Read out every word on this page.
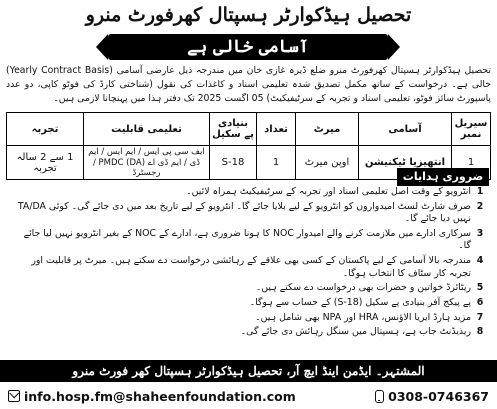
تحصیل ہیڈکوارٹر ہسپتال کھرفورٹ منرو
آسامی خالی ہے
تحصیل ہیڈکوارٹر ہسپتال کھرفورٹ منرو ضلع ڈیرہ غازی خان میں مندرجہ ذیل عارضی آسامی (Yearly Contract Basis) خالی ہے۔ درخواست کے ساتھ مکمل تصدیق شدہ تعلیمی اسناد و کاغذات کی نقول (شناختی کارڈ کی فوٹو کاپی، دو عدد پاسپورٹ سائز فوٹو، تعلیمی اسناد و تجربہ کے سرٹیفیکیٹ) 05 اگست 2025 تک دفتر ہذا میں پہنچانا لازمی ہیں۔
سیریل نمبر	آسامی	میرٹ	تعداد	بنیادی پے سکیل	تعلیمی قابلیت	تجربہ
1	انتھیزیا ٹیکنیشن	اوپن میرٹ	1	S-18	ایف سی پی ایس / ایم ایس / ایم ڈی / ایم ڈی اے (DA) PMDC / رجسٹرڈ	1 سے 2 سالہ تجربہ
ضروری ہدایات
1
انٹرویو کے وقت اصل تعلیمی اسناد اور تجربہ کے سرٹیفیکیٹ ہمراہ لائیں۔
2
صرف شارٹ لسٹ امیدواروں کو انٹرویو کے لیے بلایا جائے گا۔ انٹرویو کے لیے تاریخ بعد میں دی جائے گی۔ کوئی TA/DA نہیں دیا جائے گا۔
3
سرکاری ادارے میں ملازمت کرنے والے امیدوار NOC کا ہونا ضروری ہے، ادارے کے NOC کے بغیر انٹرویو نہیں لیا جائے گا۔
4
مندرجہ بالا آسامی کے لیے پاکستان کے کسی بھی علاقے کے رہائشی درخواست دے سکتے ہیں۔ میرٹ پر قابلیت اور تجربہ کار سٹاف کا انتخاب ہوگا۔
5
ریٹائرڈ خواتین و حضرات بھی درخواست دے سکتے ہیں۔
6
پے پیکج آفر بنیادی پے سکیل (S-18) کے حساب سے ہوگا۔
7
مزید ہارڈ ایریا الاؤنس، HRA اور NPA بھی شامل ہیں۔
8
ریذیڈنٹ جاب ہے، ہسپتال میں سنگل رہائش دی جائے گی۔
المشتہر۔ ایڈمن اینڈ ایچ آر، تحصیل ہیڈکوارٹر ہسپتال کھر فورٹ منرو
info.hosp.fm@shaheenfoundation.com	0308-0746367
